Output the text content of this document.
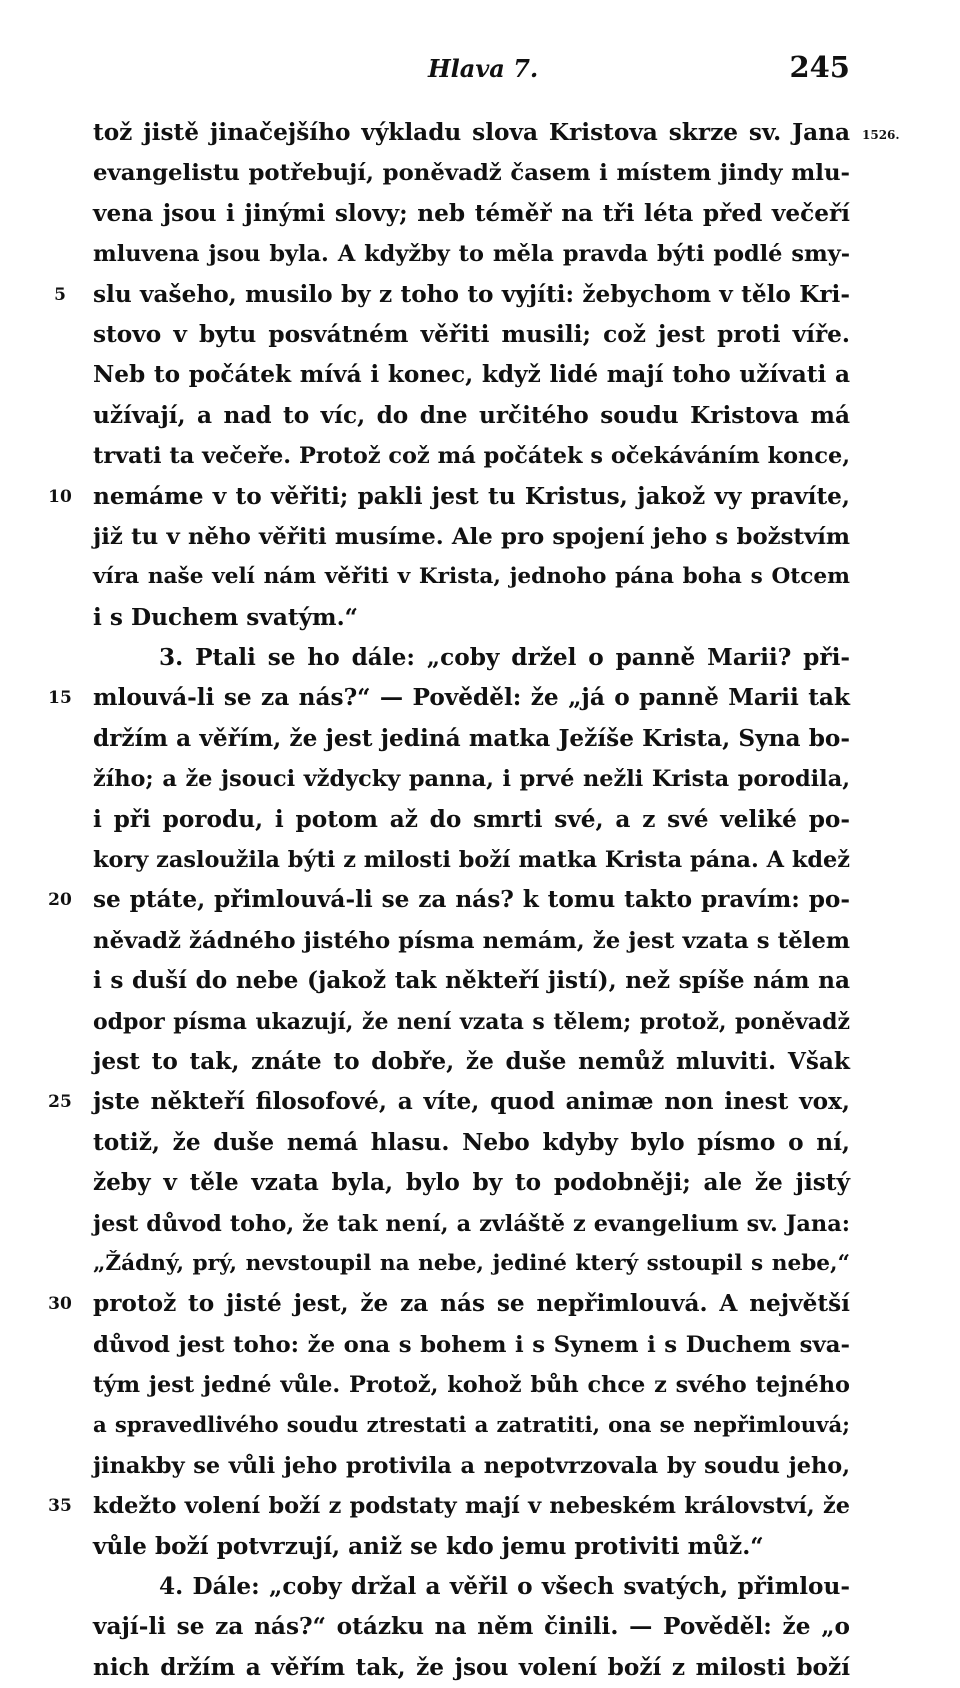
Hlava 7.	245
1526.
tož jistě jinačejšího výkladu slova Kristova skrze sv. Jana
evangelistu potřebují, poněvadž časem i místem jindy mlu-
vena jsou i jinými slovy; neb téměř na tři léta před večeří
mluvena jsou byla. A kdyžby to měla pravda býti podlé smy-
5	slu vašeho, musilo by z toho to vyjíti: žebychom v tělo Kri-
stovo v bytu posvátném věřiti musili; což jest proti víře.
Neb to počátek mívá i konec, když lidé mají toho užívati a
užívají, a nad to víc, do dne určitého soudu Kristova má
trvati ta večeře. Protož což má počátek s očekáváním konce,
10 nemáme v to věřiti; pakli jest tu Kristus, jakož vy pravíte,
již tu v něho věřiti musíme. Ale pro spojení jeho s božstvím
víra naše velí nám věřiti v Krista, jednoho pána boha s Otcem
i s Duchem svatým.“
3. Ptali se ho dále: „coby držel o panně Marii? při-
15 mlouvá-li se za nás?“ — Pověděl: že „já o panně Marii tak
držím a věřím, že jest jediná matka Ježíše Krista, Syna bo-
žího; a že jsouci vždycky panna, i prvé nežli Krista porodila,
i při porodu, i potom až do smrti své, a z své veliké po-
kory zasloužila býti z milosti boží matka Krista pána. A kdež
20 se ptáte, přimlouvá-li se za nás? k tomu takto pravím: po-
něvadž žádného jistého písma nemám, že jest vzata s tělem
i s duší do nebe (jakož tak někteří jistí), než spíše nám na
odpor písma ukazují, že není vzata s tělem; protož, poněvadž
jest to tak, znáte to dobře, že duše nemůž mluviti. Však
25 jste někteří filosofové, a víte, quod animæ non inest vox,
totiž, že duše nemá hlasu. Nebo kdyby bylo písmo o ní,
žeby v těle vzata byla, bylo by to podobněji; ale že jistý
jest důvod toho, že tak není, a zvláště z evangelium sv. Jana:
„Žádný, prý, nevstoupil na nebe, jediné který sstoupil s nebe,“
30 protož to jisté jest, že za nás se nepřimlouvá. A největší
důvod jest toho: že ona s bohem i s Synem i s Duchem sva-
tým jest jedné vůle. Protož, kohož bůh chce z svého tejného
a spravedlivého soudu ztrestati a zatratiti, ona se nepřimlouvá;
jinakby se vůli jeho protivila a nepotvrzovala by soudu jeho,
35 kdežto volení boží z podstaty mají v nebeském království, že
vůle boží potvrzují, aniž se kdo jemu protiviti můž.“
4. Dále: „coby držal a věřil o všech svatých, přimlou-
vají-li se za nás?“ otázku na něm činili. — Pověděl: že „o
nich držím a věřím tak, že jsou volení boží z milosti boží
